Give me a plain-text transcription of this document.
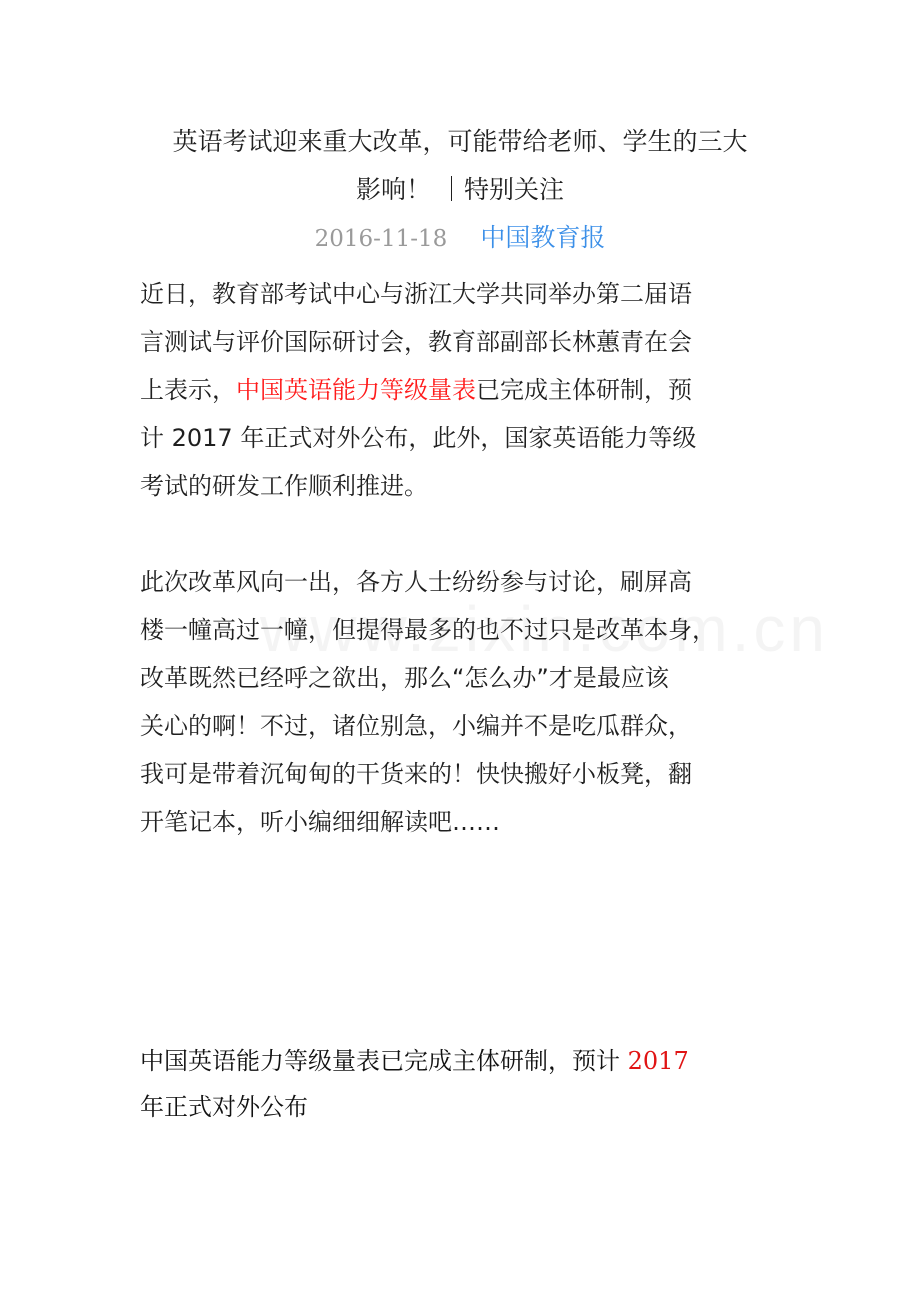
英语考试迎来重大改革，可能带给老师、学生的三大
影响！ ｜特别关注
2016-11-18 中国教育报

近日，教育部考试中心与浙江大学共同举办第二届语
言测试与评价国际研讨会，教育部副部长林蕙青在会
上表示，中国英语能力等级量表已完成主体研制，预
计 2017 年正式对外公布，此外，国家英语能力等级
考试的研发工作顺利推进。

此次改革风向一出，各方人士纷纷参与讨论，刷屏高
楼一幢高过一幢，但提得最多的也不过只是改革本身，
改革既然已经呼之欲出，那么“怎么办”才是最应该
关心的啊！不过，诸位别急，小编并不是吃瓜群众，
我可是带着沉甸甸的干货来的！快快搬好小板凳，翻
开笔记本，听小编细细解读吧……

中国英语能力等级量表已完成主体研制，预计 2017
年正式对外公布
